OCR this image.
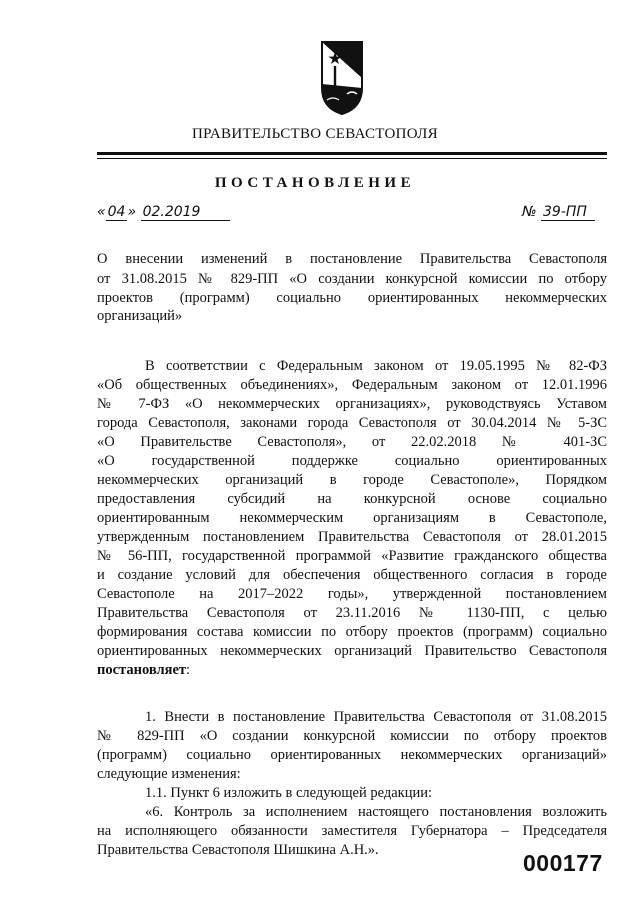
ПРАВИТЕЛЬСТВО СЕВАСТОПОЛЯ
ПОСТАНОВЛЕНИЕ
« 04 » 02.2019	№ 39-ПП
О внесении изменений в постановление Правительства Севастополя
от 31.08.2015 № 829-ПП «О создании конкурсной комиссии по отбору
проектов (программ) социально ориентированных некоммерческих
организаций»
В соответствии с Федеральным законом от 19.05.1995 № 82-ФЗ
«Об общественных объединениях», Федеральным законом от 12.01.1996
№ 7-ФЗ «О некоммерческих организациях», руководствуясь Уставом
города Севастополя, законами города Севастополя от 30.04.2014 № 5-ЗС
«О Правительстве Севастополя», от 22.02.2018 № 401-ЗС
«О государственной поддержке социально ориентированных
некоммерческих организаций в городе Севастополе», Порядком
предоставления субсидий на конкурсной основе социально
ориентированным некоммерческим организациям в Севастополе,
утвержденным постановлением Правительства Севастополя от 28.01.2015
№ 56-ПП, государственной программой «Развитие гражданского общества
и создание условий для обеспечения общественного согласия в городе
Севастополе на 2017–2022 годы», утвержденной постановлением
Правительства Севастополя от 23.11.2016 № 1130-ПП, с целью
формирования состава комиссии по отбору проектов (программ) социально
ориентированных некоммерческих организаций Правительство Севастополя
постановляет:
1. Внести в постановление Правительства Севастополя от 31.08.2015
№ 829-ПП «О создании конкурсной комиссии по отбору проектов
(программ) социально ориентированных некоммерческих организаций»
следующие изменения:
1.1. Пункт 6 изложить в следующей редакции:
«6. Контроль за исполнением настоящего постановления возложить
на исполняющего обязанности заместителя Губернатора – Председателя
Правительства Севастополя Шишкина А.Н.».	000177
